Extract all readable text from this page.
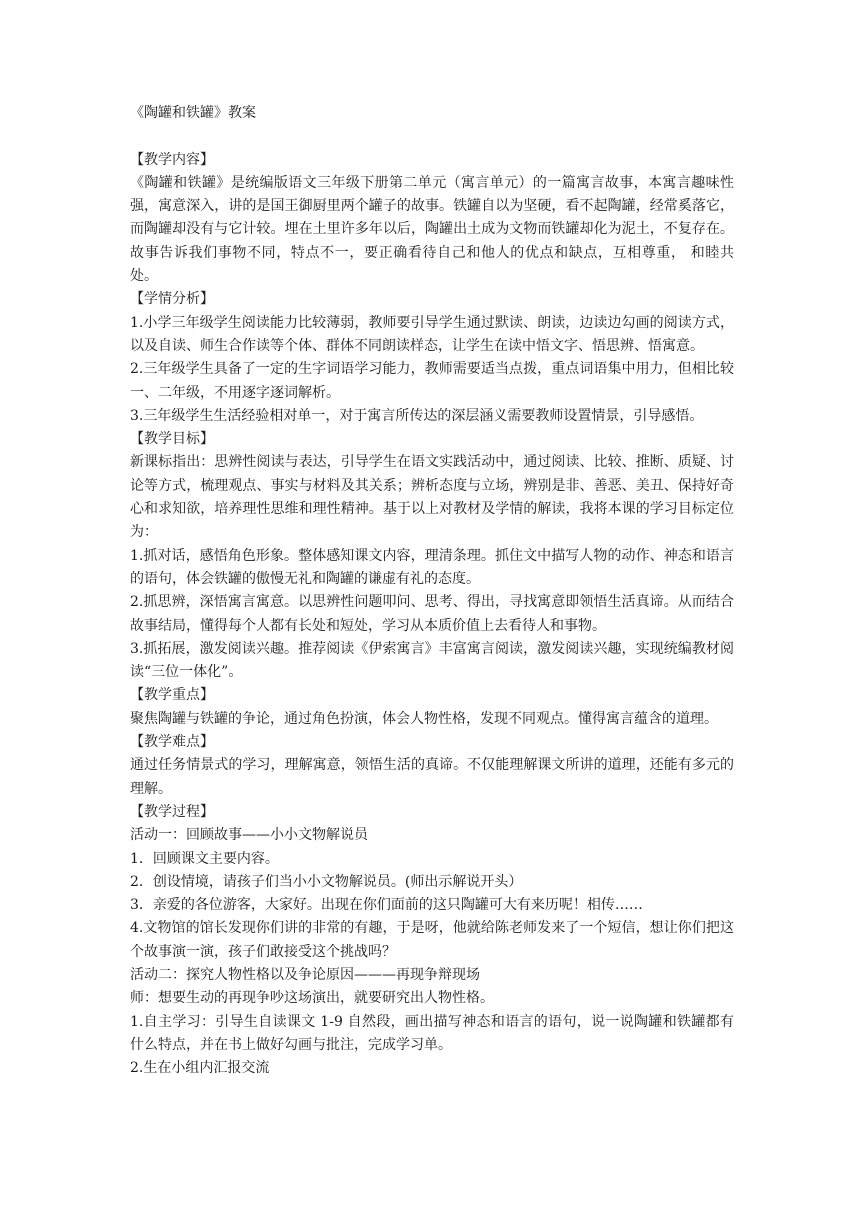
《陶罐和铁罐》教案

【教学内容】

《陶罐和铁罐》是统编版语文三年级下册第二单元（寓言单元）的一篇寓言故事，本寓言趣味性强，寓意深入，讲的是国王御厨里两个罐子的故事。铁罐自以为坚硬，看不起陶罐，经常奚落它，而陶罐却没有与它计较。埋在土里许多年以后，陶罐出土成为文物而铁罐却化为泥土，不复存在。故事告诉我们事物不同，特点不一，要正确看待自己和他人的优点和缺点，互相尊重， 和睦共处。

【学情分析】

1.小学三年级学生阅读能力比较薄弱，教师要引导学生通过默读、朗读，边读边勾画的阅读方式，以及自读、师生合作读等个体、群体不同朗读样态，让学生在读中悟文字、悟思辨、悟寓意。

2.三年级学生具备了一定的生字词语学习能力，教师需要适当点拨，重点词语集中用力，但相比较一、二年级，不用逐字逐词解析。

3.三年级学生生活经验相对单一，对于寓言所传达的深层涵义需要教师设置情景，引导感悟。

【教学目标】

新课标指出：思辨性阅读与表达，引导学生在语文实践活动中，通过阅读、比较、推断、质疑、讨论等方式，梳理观点、事实与材料及其关系；辨析态度与立场，辨别是非、善恶、美丑、保持好奇心和求知欲，培养理性思维和理性精神。基于以上对教材及学情的解读，我将本课的学习目标定位为：

1.抓对话，感悟角色形象。整体感知课文内容，理清条理。抓住文中描写人物的动作、神态和语言的语句，体会铁罐的傲慢无礼和陶罐的谦虚有礼的态度。

2.抓思辨，深悟寓言寓意。以思辨性问题叩问、思考、得出，寻找寓意即领悟生活真谛。从而结合故事结局，懂得每个人都有长处和短处，学习从本质价值上去看待人和事物。

3.抓拓展，激发阅读兴趣。推荐阅读《伊索寓言》丰富寓言阅读，激发阅读兴趣，实现统编教材阅读“三位一体化”。

【教学重点】

聚焦陶罐与铁罐的争论，通过角色扮演，体会人物性格，发现不同观点。懂得寓言蕴含的道理。

【教学难点】

通过任务情景式的学习，理解寓意，领悟生活的真谛。不仅能理解课文所讲的道理，还能有多元的理解。

【教学过程】

活动一：回顾故事——小小文物解说员

1．回顾课文主要内容。

2．创设情境，请孩子们当小小文物解说员。(师出示解说开头）

3．亲爱的各位游客，大家好。出现在你们面前的这只陶罐可大有来历呢！相传……

4.文物馆的馆长发现你们讲的非常的有趣，于是呀，他就给陈老师发来了一个短信，想让你们把这个故事演一演，孩子们敢接受这个挑战吗？

活动二：探究人物性格以及争论原因———再现争辩现场

师：想要生动的再现争吵这场演出，就要研究出人物性格。

1.自主学习：引导生自读课文 1-9 自然段，画出描写神态和语言的语句，说一说陶罐和铁罐都有什么特点，并在书上做好勾画与批注，完成学习单。

2.生在小组内汇报交流
